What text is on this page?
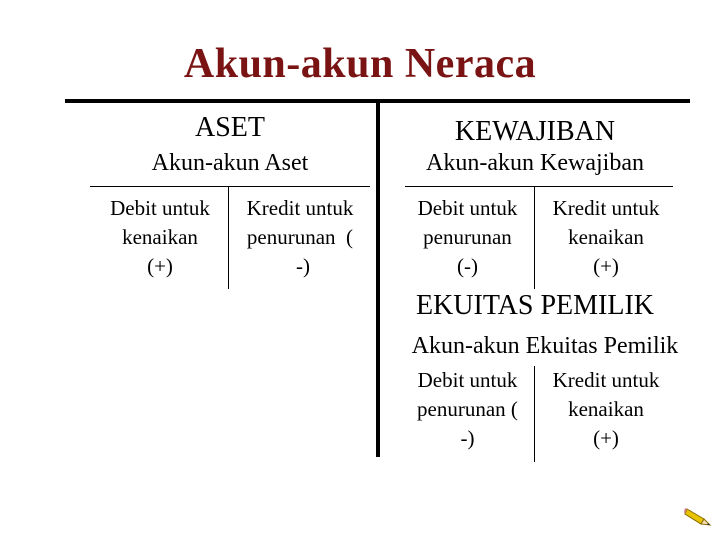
Akun-akun Neraca
ASET
Akun-akun Aset
Debit untuk
kenaikan
(+)
Kredit untuk
penurunan  (
-)
KEWAJIBAN
Akun-akun Kewajiban
Debit untuk
penurunan
(-)
Kredit untuk
kenaikan
(+)
EKUITAS PEMILIK
Akun-akun Ekuitas Pemilik
Debit untuk
penurunan (
-)
Kredit untuk
kenaikan
(+)
